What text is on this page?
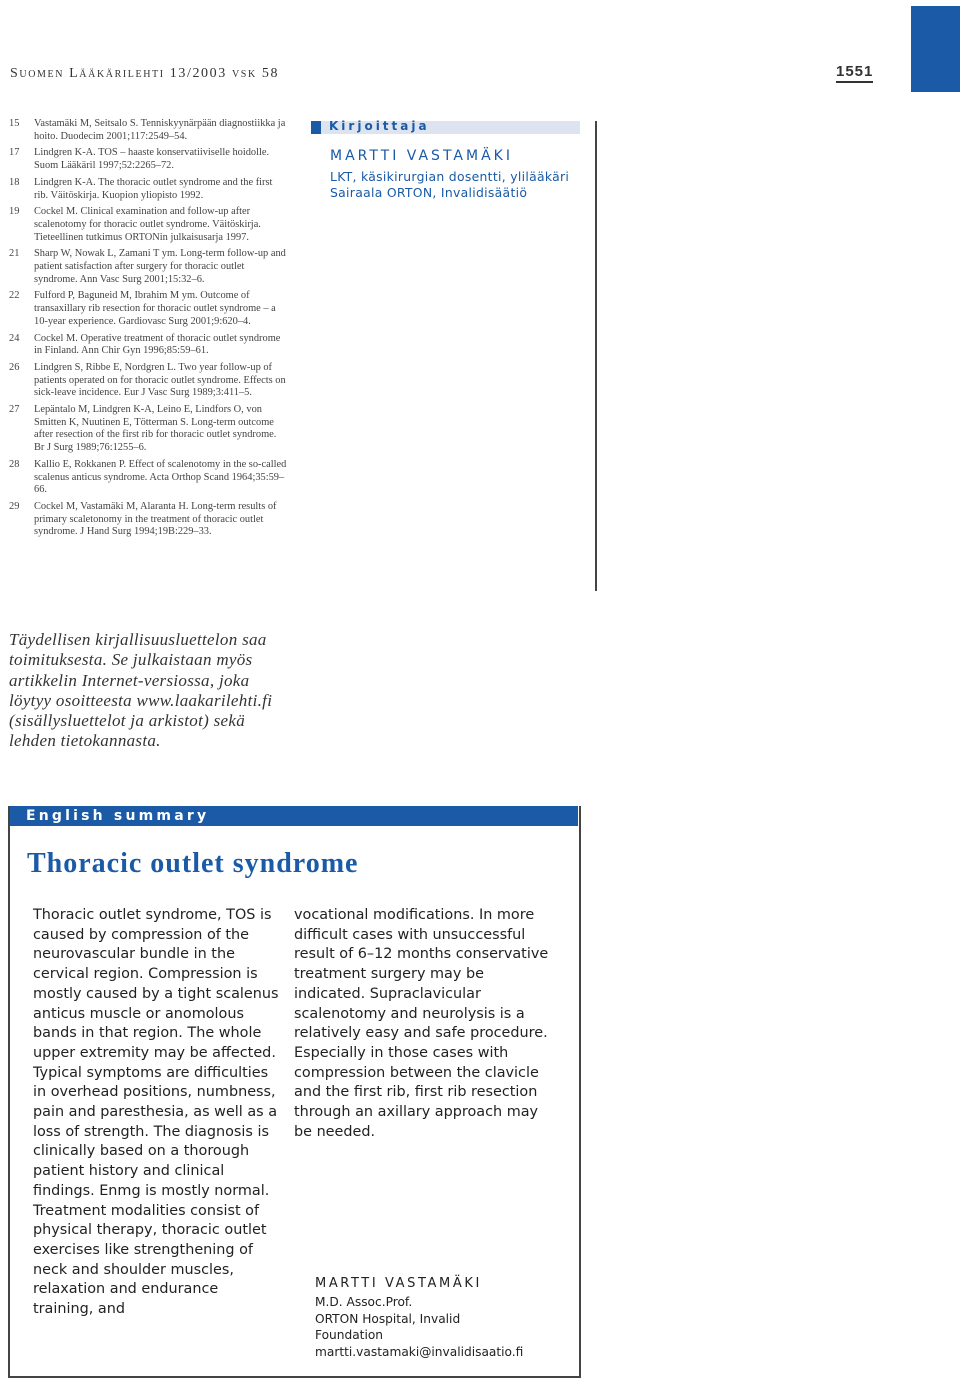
Suomen Lääkärilehti 13/2003 vsk 58	1551
15 Vastamäki M, Seitsalo S. Tenniskyynärpään diagnostiikka ja hoito. Duodecim 2001;117:2549–54.
17 Lindgren K-A. TOS – haaste konservatiiviselle hoidolle. Suom Lääkäril 1997;52:2265–72.
18 Lindgren K-A. The thoracic outlet syndrome and the first rib. Väitöskirja. Kuopion yliopisto 1992.
19 Cockel M. Clinical examination and follow-up after scalenotomy for thoracic outlet syndrome. Väitöskirja. Tieteellinen tutkimus ORTONin julkaisusarja 1997.
21 Sharp W, Nowak L, Zamani T ym. Long-term follow-up and patient satisfaction after surgery for thoracic outlet syndrome. Ann Vasc Surg 2001;15:32–6.
22 Fulford P, Baguneid M, Ibrahim M ym. Outcome of transaxillary rib resection for thoracic outlet syndrome – a 10-year experience. Gardiovasc Surg 2001;9:620–4.
24 Cockel M. Operative treatment of thoracic outlet syndrome in Finland. Ann Chir Gyn 1996;85:59–61.
26 Lindgren S, Ribbe E, Nordgren L. Two year follow-up of patients operated on for thoracic outlet syndrome. Effects on sick-leave incidence. Eur J Vasc Surg 1989;3:411–5.
27 Lepäntalo M, Lindgren K-A, Leino E, Lindfors O, von Smitten K, Nuutinen E, Tötterman S. Long-term outcome after resection of the first rib for thoracic outlet syndrome. Br J Surg 1989;76:1255–6.
28 Kallio E, Rokkanen P. Effect of scalenotomy in the so-called scalenus anticus syndrome. Acta Orthop Scand 1964;35:59–66.
29 Cockel M, Vastamäki M, Alaranta H. Long-term results of primary scaletonomy in the treatment of thoracic outlet syndrome. J Hand Surg 1994;19B:229–33.
Kirjoittaja
MARTTI VASTAMÄKI
LKT, käsikirurgian dosentti, ylilääkäri
Sairaala ORTON, Invalidisäätiö
Täydellisen kirjallisuusluettelon saa toimituksesta. Se julkaistaan myös artikkelin Internet-versiossa, joka löytyy osoitteesta www.laakarilehti.fi (sisällysluettelot ja arkistot) sekä lehden tietokannasta.
English summary
Thoracic outlet syndrome
Thoracic outlet syndrome, TOS is caused by compression of the neurovascular bundle in the cervical region. Compression is mostly caused by a tight scalenus anticus muscle or anomolous bands in that region. The whole upper extremity may be affected. Typical symptoms are difficulties in overhead positions, numbness, pain and paresthesia, as well as a loss of strength. The diagnosis is clinically based on a thorough patient history and clinical findings. Enmg is mostly normal. Treatment modalities consist of physical therapy, thoracic outlet exercises like strengthening of neck and shoulder muscles, relaxation and endurance training, and
vocational modifications. In more difficult cases with unsuccessful result of 6–12 months conservative treatment surgery may be indicated. Supraclavicular scalenotomy and neurolysis is a relatively easy and safe procedure. Especially in those cases with compression between the clavicle and the first rib, first rib resection through an axillary approach may be needed.
MARTTI VASTAMÄKI
M.D. Assoc.Prof.
ORTON Hospital, Invalid
Foundation
martti.vastamaki@invalidisaatio.fi
